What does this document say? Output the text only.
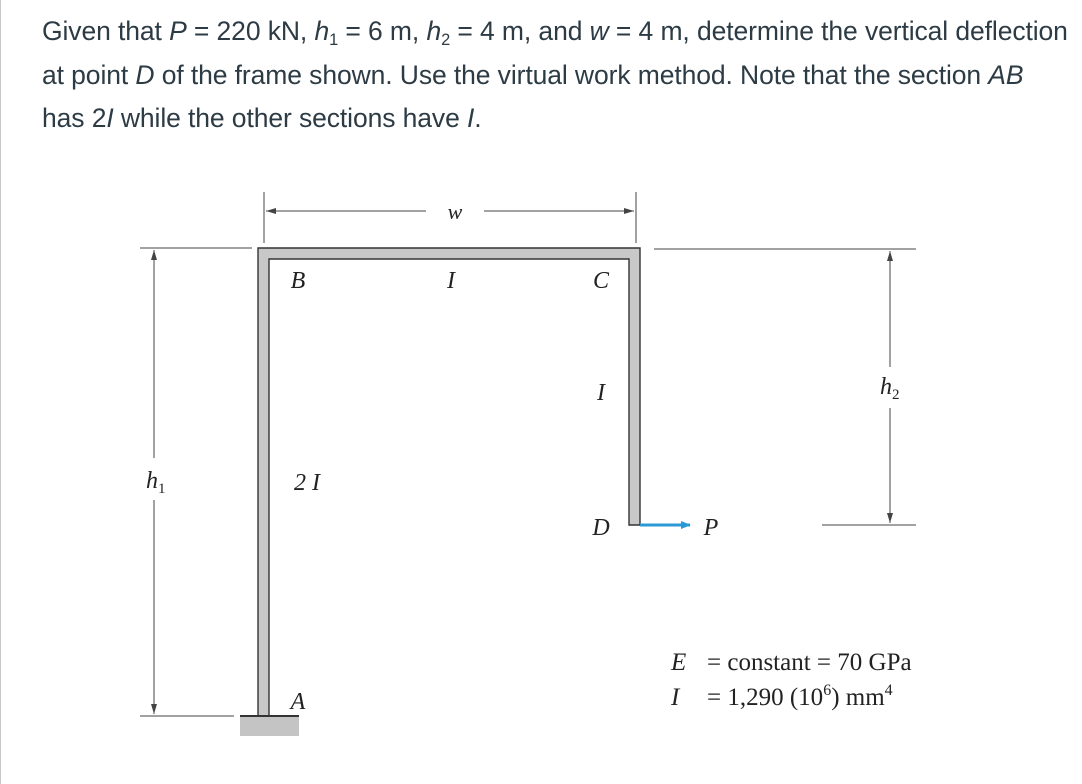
Given that P = 220 kN, $h_1 = 6$ m, $h_2 = 4$ m, and w = 4 m, determine the vertical deflection at point D of the frame shown. Use the virtual work method. Note that the section AB has 2I while the other sections have I.
w
B	I	C
I
2 I
D	P
A
$h_1$
$h_2$
E = constant = 70 GPa
I = 1,290 $(10^6)$ $mm^4$
